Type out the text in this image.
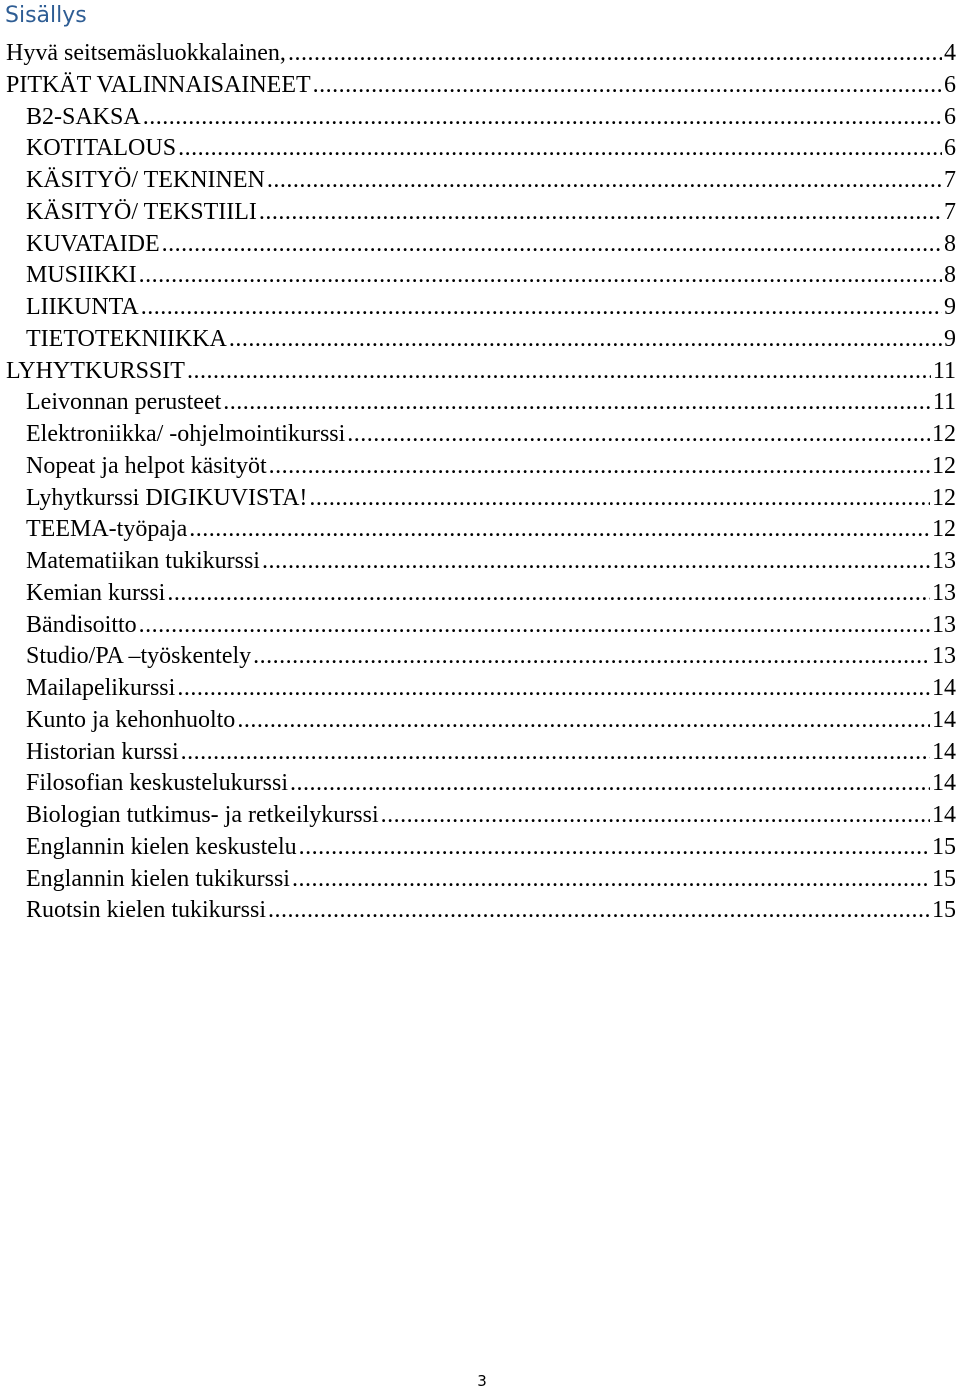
Sisällys
Hyvä seitsemäsluokkalainen, .....	4
PITKÄT VALINNAISAINEET .....	6
B2-SAKSA .....	6
KOTITALOUS .....	6
KÄSITYÖ/ TEKNINEN .....	7
KÄSITYÖ/ TEKSTIILI .....	7
KUVATAIDE .....	8
MUSIIKKI .....	8
LIIKUNTA .....	9
TIETOTEKNIIKKA .....	9
LYHYTKURSSIT .....	11
Leivonnan perusteet .....	11
Elektroniikka/ -ohjelmointikurssi .....	12
Nopeat ja helpot käsityöt .....	12
Lyhytkurssi DIGIKUVISTA! .....	12
TEEMA-työpaja .....	12
Matematiikan tukikurssi .....	13
Kemian kurssi .....	13
Bändisoitto .....	13
Studio/PA –työskentely .....	13
Mailapelikurssi .....	14
Kunto ja kehonhuolto .....	14
Historian kurssi .....	14
Filosofian keskustelukurssi .....	14
Biologian tutkimus- ja retkeilykurssi .....	14
Englannin kielen keskustelu .....	15
Englannin kielen tukikurssi .....	15
Ruotsin kielen tukikurssi .....	15
3
